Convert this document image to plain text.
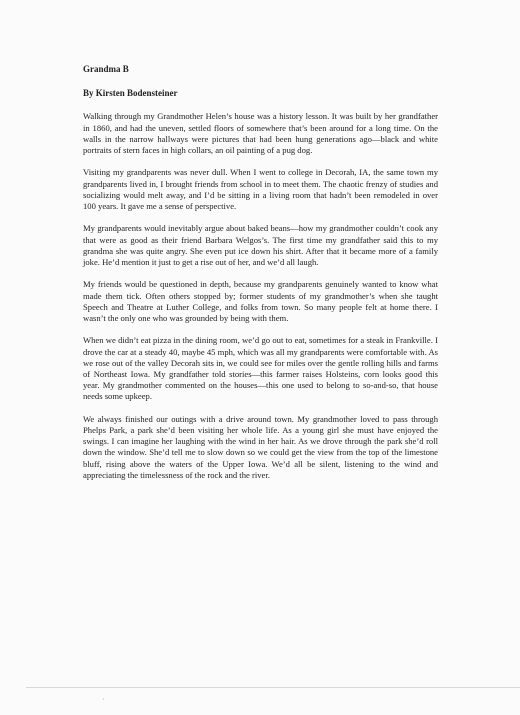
Grandma B
By Kirsten Bodensteiner

Walking through my Grandmother Helen’s house was a history lesson. It was built by her grandfather in 1860, and had the uneven, settled floors of somewhere that’s been around for a long time. On the walls in the narrow hallways were pictures that had been hung generations ago—black and white portraits of stern faces in high collars, an oil painting of a pug dog.

Visiting my grandparents was never dull. When I went to college in Decorah, IA, the same town my grandparents lived in, I brought friends from school in to meet them. The chaotic frenzy of studies and socializing would melt away, and I’d be sitting in a living room that hadn’t been remodeled in over 100 years. It gave me a sense of perspective.

My grandparents would inevitably argue about baked beans—how my grandmother couldn’t cook any that were as good as their friend Barbara Welgos’s. The first time my grandfather said this to my grandma she was quite angry. She even put ice down his shirt. After that it became more of a family joke. He’d mention it just to get a rise out of her, and we’d all laugh.

My friends would be questioned in depth, because my grandparents genuinely wanted to know what made them tick. Often others stopped by; former students of my grandmother’s when she taught Speech and Theatre at Luther College, and folks from town. So many people felt at home there. I wasn’t the only one who was grounded by being with them.

When we didn’t eat pizza in the dining room, we’d go out to eat, sometimes for a steak in Frankville. I drove the car at a steady 40, maybe 45 mph, which was all my grandparents were comfortable with. As we rose out of the valley Decorah sits in, we could see for miles over the gentle rolling hills and farms of Northeast Iowa. My grandfather told stories—this farmer raises Holsteins, corn looks good this year. My grandmother commented on the houses—this one used to belong to so-and-so, that house needs some upkeep.

We always finished our outings with a drive around town. My grandmother loved to pass through Phelps Park, a park she’d been visiting her whole life. As a young girl she must have enjoyed the swings. I can imagine her laughing with the wind in her hair. As we drove through the park she’d roll down the window. She’d tell me to slow down so we could get the view from the top of the limestone bluff, rising above the waters of the Upper Iowa. We’d all be silent, listening to the wind and appreciating the timelessness of the rock and the river.

·
